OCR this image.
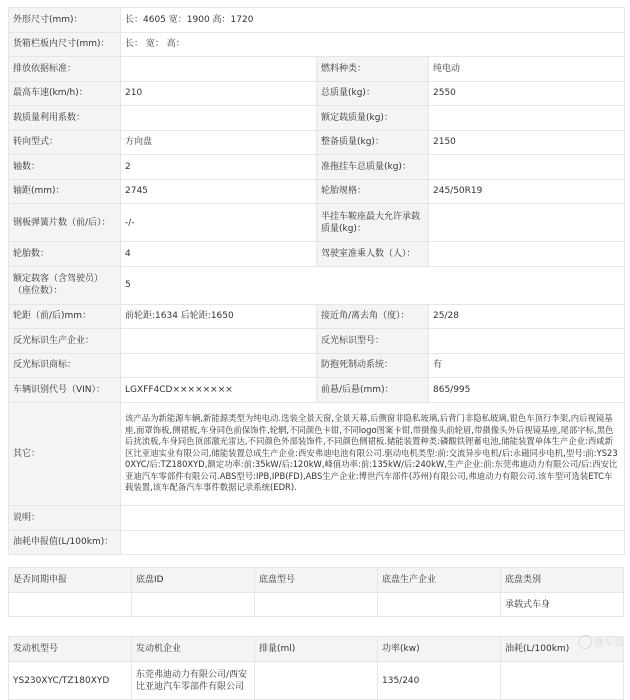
外形尺寸(mm)：	长：4605 宽：1900 高：1720		
货箱栏板内尺寸(mm)：	长： 宽： 高：		
排放依据标准：		燃料种类：	纯电动
最高车速(km/h)：	210	总质量(kg)：	2550
载质量利用系数：		额定载质量(kg)：	
转向型式：	方向盘	整备质量(kg)：	2150
轴数：	2	准拖挂车总质量(kg)：	
轴距(mm)：	2745	轮胎规格：	245/50R19
钢板弹簧片数（前/后）：	-/-	半挂车鞍座最大允许承载质量(kg)：	
轮胎数：	4	驾驶室准乘人数（人）：	
额定载客（含驾驶员）（座位数）：	5		
轮距（前/后)mm：	前轮距:1634 后轮距:1650	接近角/离去角（度）：	25/28
反光标识生产企业：		反光标识型号：	
反光标识商标：		防抱死制动系统：	有
车辆识别代号（VIN）：	LGXFF4CD××××××××	前悬/后悬(mm)：	865/995
其它：	该产品为新能源车辆,新能源类型为纯电动.选装全景天窗,全景天幕,后侧窗非隐私玻璃,后背门非隐私玻璃,银色车顶行李架,内后视镜基座,面罩饰板,侧裙板,车身同色前保饰件,轮辋,不同颜色卡钳,不同logo图案卡钳,带摄像头前轮眉,带摄像头外后视镜基座,尾部字标,黑色后扰流板,车身同色顶部激光雷达,不同颜色外部装饰件,不同颜色侧裙板.储能装置种类:磷酸铁锂蓄电池,储能装置单体生产企业:西咸新区比亚迪实业有限公司,储能装置总成生产企业:西安弗迪电池有限公司.驱动电机类型:前:交流异步电机/后:永磁同步电机,型号:前:YS230XYC/后:TZ180XYD,额定功率:前:35kW/后:120kW,峰值功率:前:135kW/后:240kW,生产企业:前:东莞弗迪动力有限公司/后:西安比亚迪汽车零部件有限公司.ABS型号:IPB,IPB(FD),ABS生产企业:博世汽车部件(苏州)有限公司,弗迪动力有限公司.该车型可选装ETC车载装置,该车配备汽车事件数据记录系统(EDR).		
说明：			
油耗申报值(L/100km)：			
是否同期申报	底盘ID	底盘型号	底盘生产企业	底盘类别
				承载式车身
发动机型号	发动机企业	排量(ml)	功率(kw)	油耗(L/100km)
YS230XYC/TZ180XYD	东莞弗迪动力有限公司/西安比亚迪汽车零部件有限公司		135/240	
懂车帝
